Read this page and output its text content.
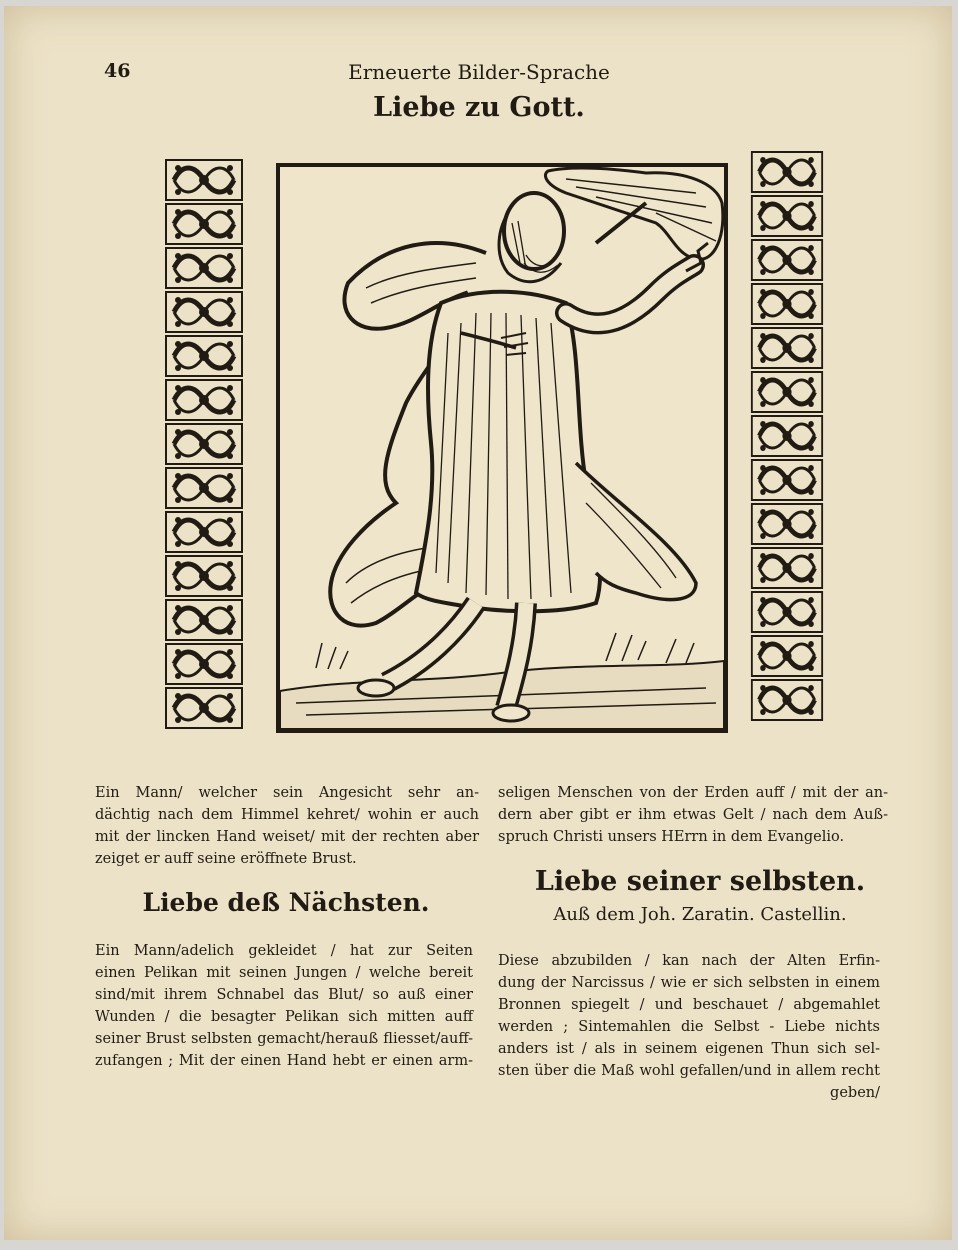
46	Erneuerte Bilder-Sprache
Liebe zu Gott.

Ein Mann/ welcher sein Angesicht sehr an-
dächtig nach dem Himmel kehret/ wohin er auch
mit der lincken Hand weiset/ mit der rechten aber
zeiget er auff seine eröffnete Brust.

Liebe deß Nächsten.

Ein Mann/adelich gekleidet / hat zur Seiten
einen Pelikan mit seinen Jungen / welche bereit
sind/mit ihrem Schnabel das Blut/ so auß einer
Wunden / die besagter Pelikan sich mitten auff
seiner Brust selbsten gemacht/herauß fliesset/auff-
zufangen ; Mit der einen Hand hebt er einen arm-

seligen Menschen von der Erden auff / mit der an-
dern aber gibt er ihm etwas Gelt / nach dem Auß-
spruch Christi unsers HErrn in dem Evangelio.

Liebe seiner selbsten.
Auß dem Joh. Zaratin. Castellin.

Diese abzubilden / kan nach der Alten Erfin-
dung der Narcissus / wie er sich selbsten in einem
Bronnen spiegelt / und beschauet / abgemahlet
werden ; Sintemahlen die Selbst - Liebe nichts
anders ist / als in seinem eigenen Thun sich sel-
sten über die Maß wohl gefallen/und in allem recht
geben/
